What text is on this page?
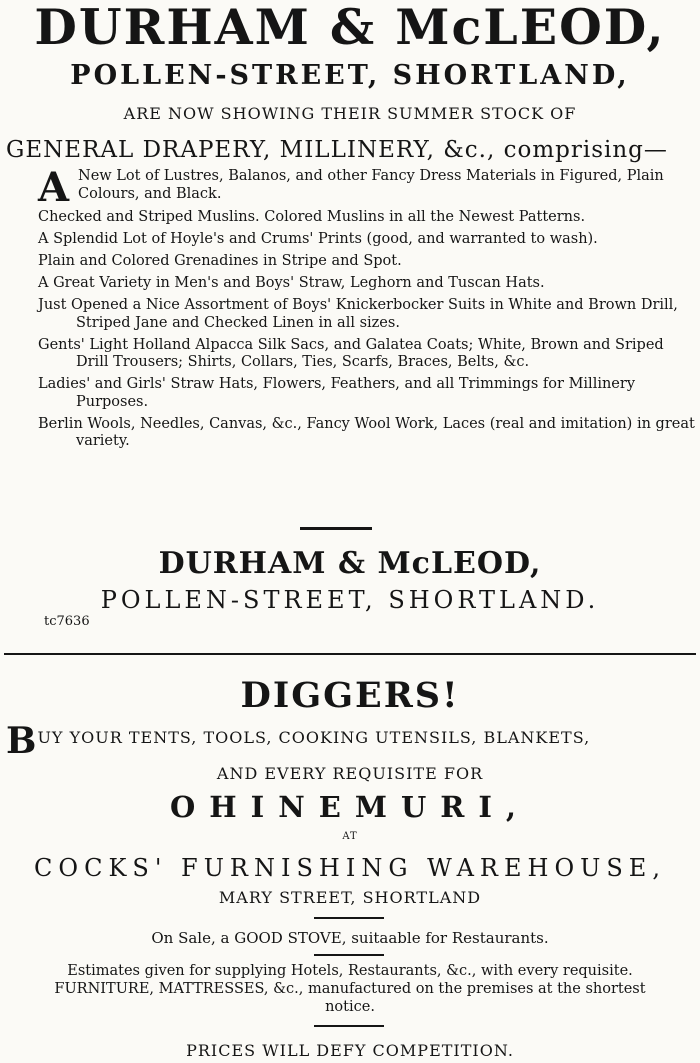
DURHAM & McLEOD,
POLLEN-STREET, SHORTLAND,
ARE NOW SHOWING THEIR SUMMER STOCK OF
GENERAL DRAPERY, MILLINERY, &c., comprising—

A New Lot of Lustres, Balanos, and other Fancy Dress Materials in Figured, Plain Colours, and Black.

Checked and Striped Muslins. Colored Muslins in all the Newest Patterns.

A Splendid Lot of Hoyle's and Crums' Prints (good, and warranted to wash).

Plain and Colored Grenadines in Stripe and Spot.

A Great Variety in Men's and Boys' Straw, Leghorn and Tuscan Hats.

Just Opened a Nice Assortment of Boys' Knickerbocker Suits in White and Brown Drill, Striped Jane and Checked Linen in all sizes.

Gents' Light Holland Alpacca Silk Sacs, and Galatea Coats; White, Brown and Sriped Drill Trousers; Shirts, Collars, Ties, Scarfs, Braces, Belts, &c.

Ladies' and Girls' Straw Hats, Flowers, Feathers, and all Trimmings for Millinery Purposes.

Berlin Wools, Needles, Canvas, &c., Fancy Wool Work, Laces (real and imitation) in great variety.

DURHAM & McLEOD,
POLLEN-STREET, SHORTLAND.
tc7636
DIGGERS!
BUY YOUR TENTS, TOOLS, COOKING UTENSILS, BLANKETS,
AND EVERY REQUISITE FOR
OHINEMURI,
AT
COCKS' FURNISHING WAREHOUSE,
MARY STREET, SHORTLAND
On Sale, a GOOD STOVE, suitaable for Restaurants.
Estimates given for supplying Hotels, Restaurants, &c., with every requisite.
FURNITURE, MATTRESSES, &c., manufactured on the premises at the shortest
notice.
PRICES WILL DEFY COMPETITION.
